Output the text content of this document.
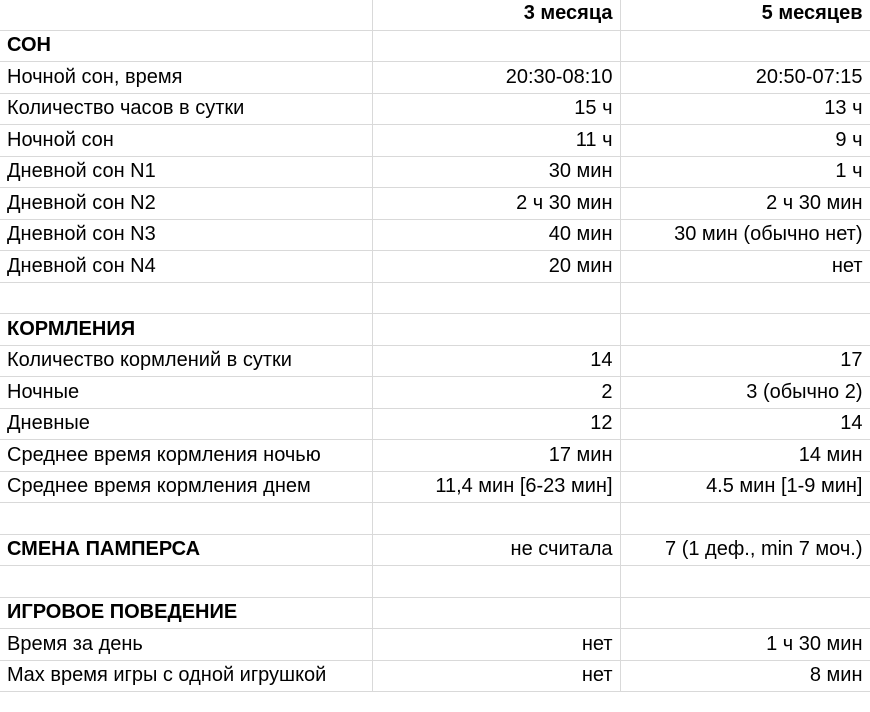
	3 месяца	5 месяцев
СОН		
Ночной сон, время	20:30-08:10	20:50-07:15
Количество часов в сутки	15 ч	13 ч
Ночной сон	11 ч	9 ч
Дневной сон N1	30 мин	1 ч
Дневной сон N2	2 ч 30 мин	2 ч 30 мин
Дневной сон N3	40 мин	30 мин (обычно нет)
Дневной сон N4	20 мин	нет

КОРМЛЕНИЯ		
Количество кормлений в сутки	14	17
Ночные	2	3 (обычно 2)
Дневные	12	14
Среднее время кормления ночью	17 мин	14 мин
Среднее время кормления днем	11,4 мин [6-23 мин]	4.5 мин [1-9 мин]

СМЕНА ПАМПЕРСА	не считала	7 (1 деф., min 7 моч.)

ИГРОВОЕ ПОВЕДЕНИЕ		
Время за день	нет	1 ч 30 мин
Max время игры с одной игрушкой	нет	8 мин
